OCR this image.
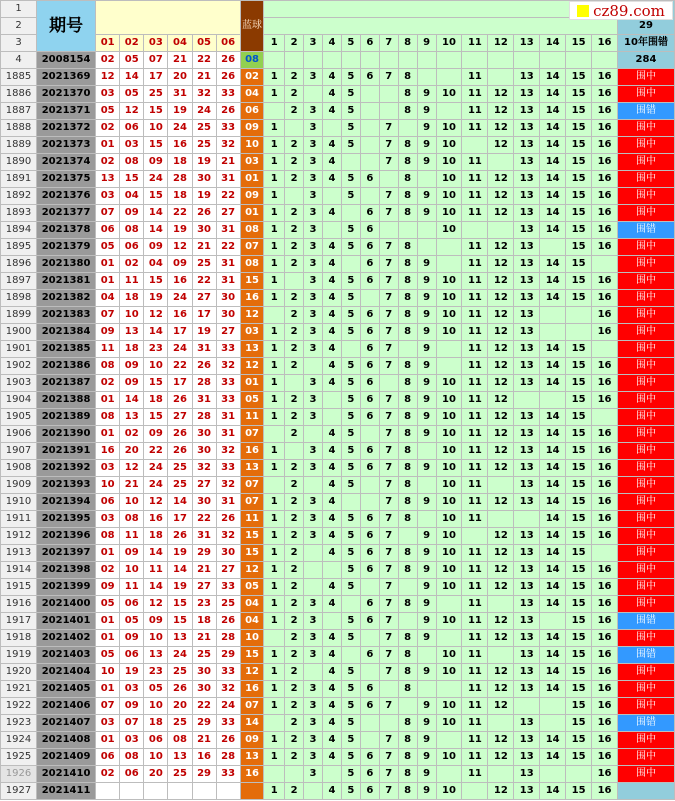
1	期号							蓝球																	
2																									29
3		01	02	03	04	05	06		1	2	3	4	5	6	7	8	9	10	11	12	13	14	15	16	10年围错
4	2008154	02	05	07	21	22	26	08																	284
1885	2021369	12	14	17	20	21	26	02	1	2	3	4	5	6	7	8			11		13	14	15	16	围中
1886	2021370	03	05	25	31	32	33	04	1	2		4	5			8	9	10	11	12	13	14	15	16	围中
1887	2021371	05	12	15	19	24	26	06		2	3	4	5			8	9		11	12	13	14	15	16	围错
1888	2021372	02	06	10	24	25	33	09	1		3		5		7		9	10	11	12	13	14	15	16	围中
1889	2021373	01	03	15	16	25	32	10	1	2	3	4	5		7	8	9	10		12	13	14	15	16	围中
1890	2021374	02	08	09	18	19	21	03	1	2	3	4			7	8	9	10	11		13	14	15	16	围中
1891	2021375	13	15	24	28	30	31	01	1	2	3	4	5	6		8		10	11	12	13	14	15	16	围中
1892	2021376	03	04	15	18	19	22	09	1		3		5		7	8	9	10	11	12	13	14	15	16	围中
1893	2021377	07	09	14	22	26	27	01	1	2	3	4		6	7	8	9	10	11	12	13	14	15	16	围中
1894	2021378	06	08	14	19	30	31	08	1	2	3		5	6				10			13	14	15	16	围错
1895	2021379	05	06	09	12	21	22	07	1	2	3	4	5	6	7	8			11	12	13		15	16	围中
1896	2021380	01	02	04	09	25	31	08	1	2	3	4		6	7	8	9		11	12	13	14	15		围中
1897	2021381	01	11	15	16	22	31	15	1		3	4	5	6	7	8	9	10	11	12	13	14	15	16	围中
1898	2021382	04	18	19	24	27	30	16	1	2	3	4	5		7	8	9	10	11	12	13	14	15	16	围中
1899	2021383	07	10	12	16	17	30	12		2	3	4	5	6	7	8	9	10	11	12	13			16	围中
1900	2021384	09	13	14	17	19	27	03	1	2	3	4	5	6	7	8	9	10	11	12	13			16	围中
1901	2021385	11	18	23	24	31	33	13	1	2	3	4		6	7		9		11	12	13	14	15		围中
1902	2021386	08	09	10	22	26	32	12	1	2		4	5	6	7	8	9		11	12	13	14	15	16	围中
1903	2021387	02	09	15	17	28	33	01	1		3	4	5	6		8	9	10	11	12	13	14	15	16	围中
1904	2021388	01	14	18	26	31	33	05	1	2	3		5	6	7	8	9	10	11	12			15	16	围中
1905	2021389	08	13	15	27	28	31	11	1	2	3		5	6	7	8	9	10	11	12	13	14	15		围中
1906	2021390	01	02	09	26	30	31	07		2		4	5		7	8	9	10	11	12	13	14	15	16	围中
1907	2021391	16	20	22	26	30	32	16	1		3	4	5	6	7	8		10	11	12	13	14	15	16	围中
1908	2021392	03	12	24	25	32	33	13	1	2	3	4	5	6	7	8	9	10	11	12	13	14	15	16	围中
1909	2021393	10	21	24	25	27	32	07		2		4	5		7	8		10	11		13	14	15	16	围中
1910	2021394	06	10	12	14	30	31	07	1	2	3	4			7	8	9	10	11	12	13	14	15	16	围中
1911	2021395	03	08	16	17	22	26	11	1	2	3	4	5	6	7	8		10	11			14	15	16	围中
1912	2021396	08	11	18	26	31	32	15	1	2	3	4	5	6	7		9	10		12	13	14	15	16	围中
1913	2021397	01	09	14	19	29	30	15	1	2		4	5	6	7	8	9	10	11	12	13	14	15		围中
1914	2021398	02	10	11	14	21	27	12	1	2			5	6	7	8	9	10	11	12	13	14	15	16	围中
1915	2021399	09	11	14	19	27	33	05	1	2		4	5		7		9	10	11	12	13	14	15	16	围中
1916	2021400	05	06	12	15	23	25	04	1	2	3	4		6	7	8	9		11		13	14	15	16	围中
1917	2021401	01	05	09	15	18	26	04	1	2	3		5	6	7		9	10	11	12	13		15	16	围错
1918	2021402	01	09	10	13	21	28	10		2	3	4	5		7	8	9		11	12	13	14	15	16	围中
1919	2021403	05	06	13	24	25	29	15	1	2	3	4		6	7	8		10	11		13	14	15	16	围错
1920	2021404	10	19	23	25	30	33	12	1	2		4	5		7	8	9	10	11	12	13	14	15	16	围中
1921	2021405	01	03	05	26	30	32	16	1	2	3	4	5	6		8			11	12	13	14	15	16	围中
1922	2021406	07	09	10	20	22	24	07	1	2	3	4	5	6	7		9	10	11	12			15	16	围中
1923	2021407	03	07	18	25	29	33	14		2	3	4	5			8	9	10	11		13		15	16	围错
1924	2021408	01	03	06	08	21	26	09	1	2	3	4	5		7	8	9		11	12	13	14	15	16	围中
1925	2021409	06	08	10	13	16	28	13	1	2	3	4	5	6	7	8	9	10	11	12	13	14	15	16	围中
1926	2021410	02	06	20	25	29	33	16			3		5	6	7	8	9		11		13			16	围中
1927	2021411								1	2		4	5	6	7	8	9	10		12	13	14	15	16	
cz89.com
